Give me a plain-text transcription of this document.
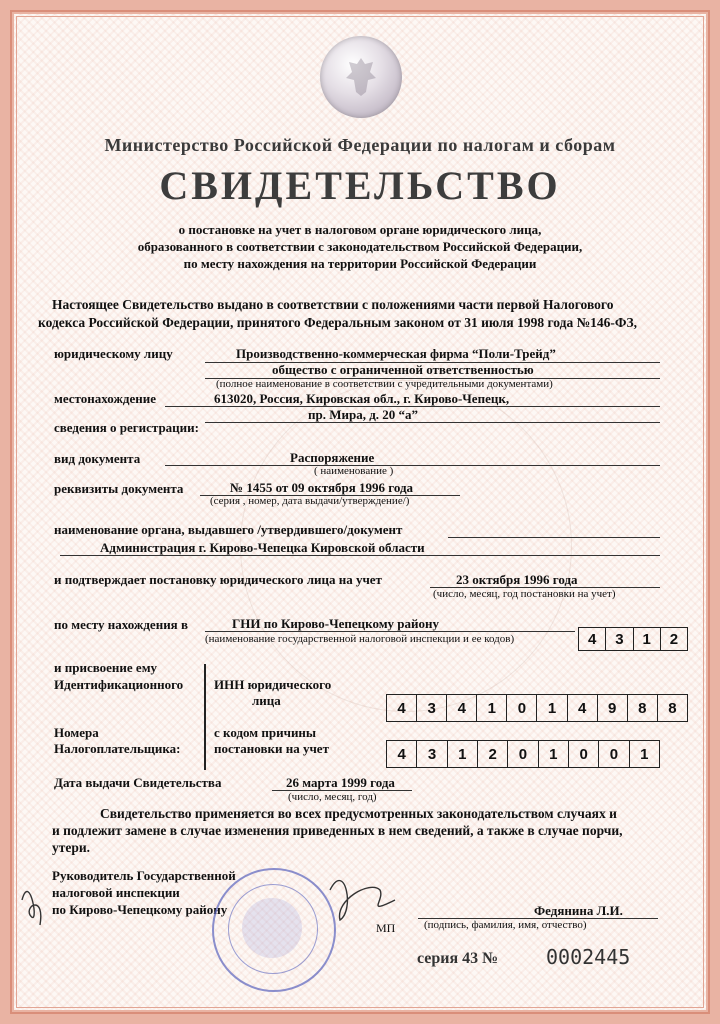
Министерство Российской Федерации по налогам и сборам
СВИДЕТЕЛЬСТВО
о постановке на учет в налоговом органе юридического лица,
образованного в соответствии с законодательством Российской Федерации,
по месту нахождения на территории Российской Федерации
Настоящее Свидетельство выдано в соответствии с положениями части первой Налогового
кодекса Российской Федерации, принятого Федеральным законом от 31 июля 1998 года №146-ФЗ,
юридическому лицу	Производственно-коммерческая фирма “Поли-Трейд”
общество с ограниченной ответственностью
(полное наименование в соответствии с учредительными документами)
местонахождение	613020, Россия, Кировская обл., г. Кирово-Чепецк,
пр. Мира, д. 20 “а”
сведения о регистрации:
вид документа	Распоряжение
( наименование )
реквизиты документа	№ 1455 от 09 октября 1996 года
(серия , номер, дата выдачи/утверждение/)
наименование органа, выдавшего /утвердившего/документ
Администрация г. Кирово-Чепецка Кировской области
и подтверждает постановку юридического лица на учет	23 октября 1996 года
(число, месяц, год постановки на учет)
по месту нахождения в	ГНИ по Кирово-Чепецкому району
(наименование государственной налоговой инспекции и ее кодов)	4	3	1	2
и присвоение ему
Идентификационного ИНН юридического
лица	4	3	4	1	0	1	4	9	8	8
Номера
Налогоплательщика:
с кодом причины
постановки на учет	4	3	1	2	0	1	0	0	1
Дата выдачи Свидетельства	26 марта 1999 года
(число, месяц, год)
Свидетельство применяется во всех предусмотренных законодательством случаях и
и подлежит замене в случае изменения приведенных в нем сведений, а также в случае порчи,
утери.
Руководитель Государственной
налоговой инспекции
по Кирово-Чепецкому району
МП
Федянина Л.И.
(подпись, фамилия, имя, отчество)
серия 43 № 0002445
